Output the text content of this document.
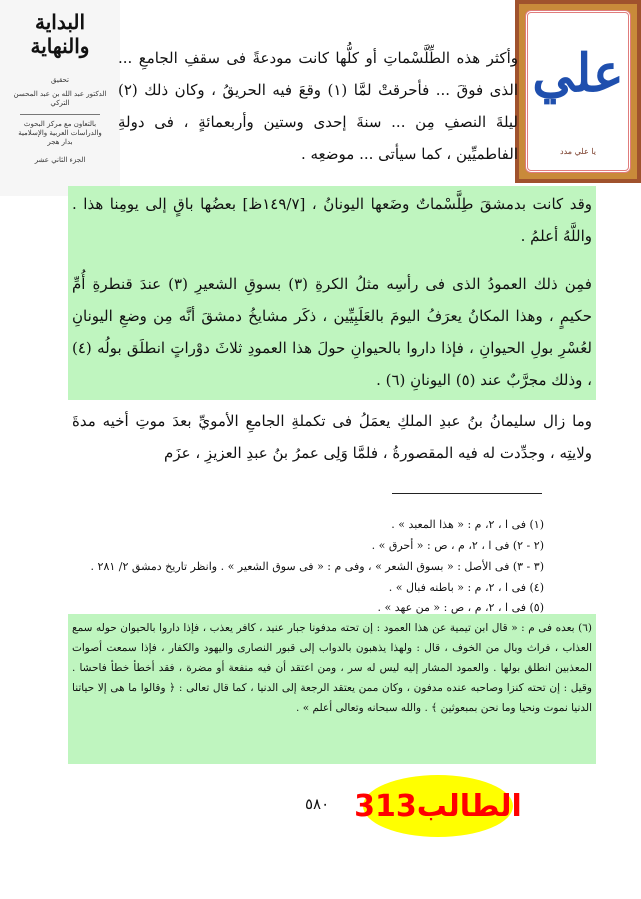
البداية والنهاية
تحقيق
الدكتور عبد الله بن عبد المحسن التركي
بالتعاون مع مركز البحوث والدراسات العربية والإسلامية بدار هجر
الجزء الثاني عشر
علي
يا علي مدد
وأكثر هذه الطِّلَّسْماتِ أو كلُّها كانت مودعةً فى سقفِ الجامعِ ... الذى فوقَ ... فأحرقتْ لمَّا (١) وقعَ فيه الحريقُ ، وكان ذلك (٢) ليلةَ النصفِ مِن ... سنةَ إحدى وستين وأربعمائةٍ ، فى دولةِ الفاطميِّين ، كما سيأتى ... موضعِه .
وقد كانت بدمشقَ طِلَّسْماتٌ وضَعها اليونانُ ، [١٤٩/٧ظ] بعضُها باقٍ إلى يومِنا هذا . واللَّهُ أعلمُ .
فمِن ذلك العمودُ الذى فى رأسِه مثلُ الكرةِ (٣) بسوقِ الشعيرِ (٣) عندَ قنطرةِ أُمِّ حكيمٍ ، وهذا المكانُ يعرَفُ اليومَ بالعَلَبِيِّين ، ذكَر مشايخُ دمشقَ أنَّه مِن وضعِ اليونانِ لعُسْرِ بولِ الحيوانِ ، فإذا داروا بالحيوانِ حولَ هذا العمودِ ثلاثَ دوْراتٍ انطلَق بولُه (٤) ، وذلك مجرَّبٌ عند (٥) اليونانِ (٦) .
وما زال سليمانُ بنُ عبدِ الملكِ يعمَلُ فى تكملةِ الجامعِ الأمويِّ بعدَ موتِ أخيه مدةَ ولايتِه ، وجدِّدت له فيه المقصورةُ ، فلمَّا وَلِى عمرُ بنُ عبدِ العزيزِ ، عزَم
(١) فى ا ، ٢، م : « هذا المعبد » .
(٢ - ٢) فى ا ، ٢، م ، ص : « أحرق » .
(٣ - ٣) فى الأصل : « بسوق الشعر » ، وفى م : « فى سوق الشعير » . وانظر تاريخ دمشق ٢/ ٢٨١ .
(٤) فى ا ، ٢، م : « باطنه فبال » .
(٥) فى ا ، ٢، م ، ص : « من عهد » .
(٦) بعده فى م : « قال ابن تيمية عن هذا العمود : إن تحته مدفونا جبار عنيد ، كافر يعذب ، فإذا داروا بالحيوان حوله سمع العذاب ، فراث وبال من الخوف ، قال : ولهذا يذهبون بالدواب إلى قبور النصارى واليهود والكفار ، فإذا سمعت أصوات المعذبين انطلق بولها . والعمود المشار إليه ليس له سر ، ومن اعتقد أن فيه منفعة أو مضرة ، فقد أخطأ خطأ فاحشا . وقيل : إن تحته كنزا وصاحبه عنده مدفون ، وكان ممن يعتقد الرجعة إلى الدنيا ، كما قال تعالى : ﴿ وقالوا ما هى إلا حياتنا الدنيا نموت ونحيا وما نحن بمبعوثين ﴾ . والله سبحانه وتعالى أعلم » .
٥٨٠ الطالب313
